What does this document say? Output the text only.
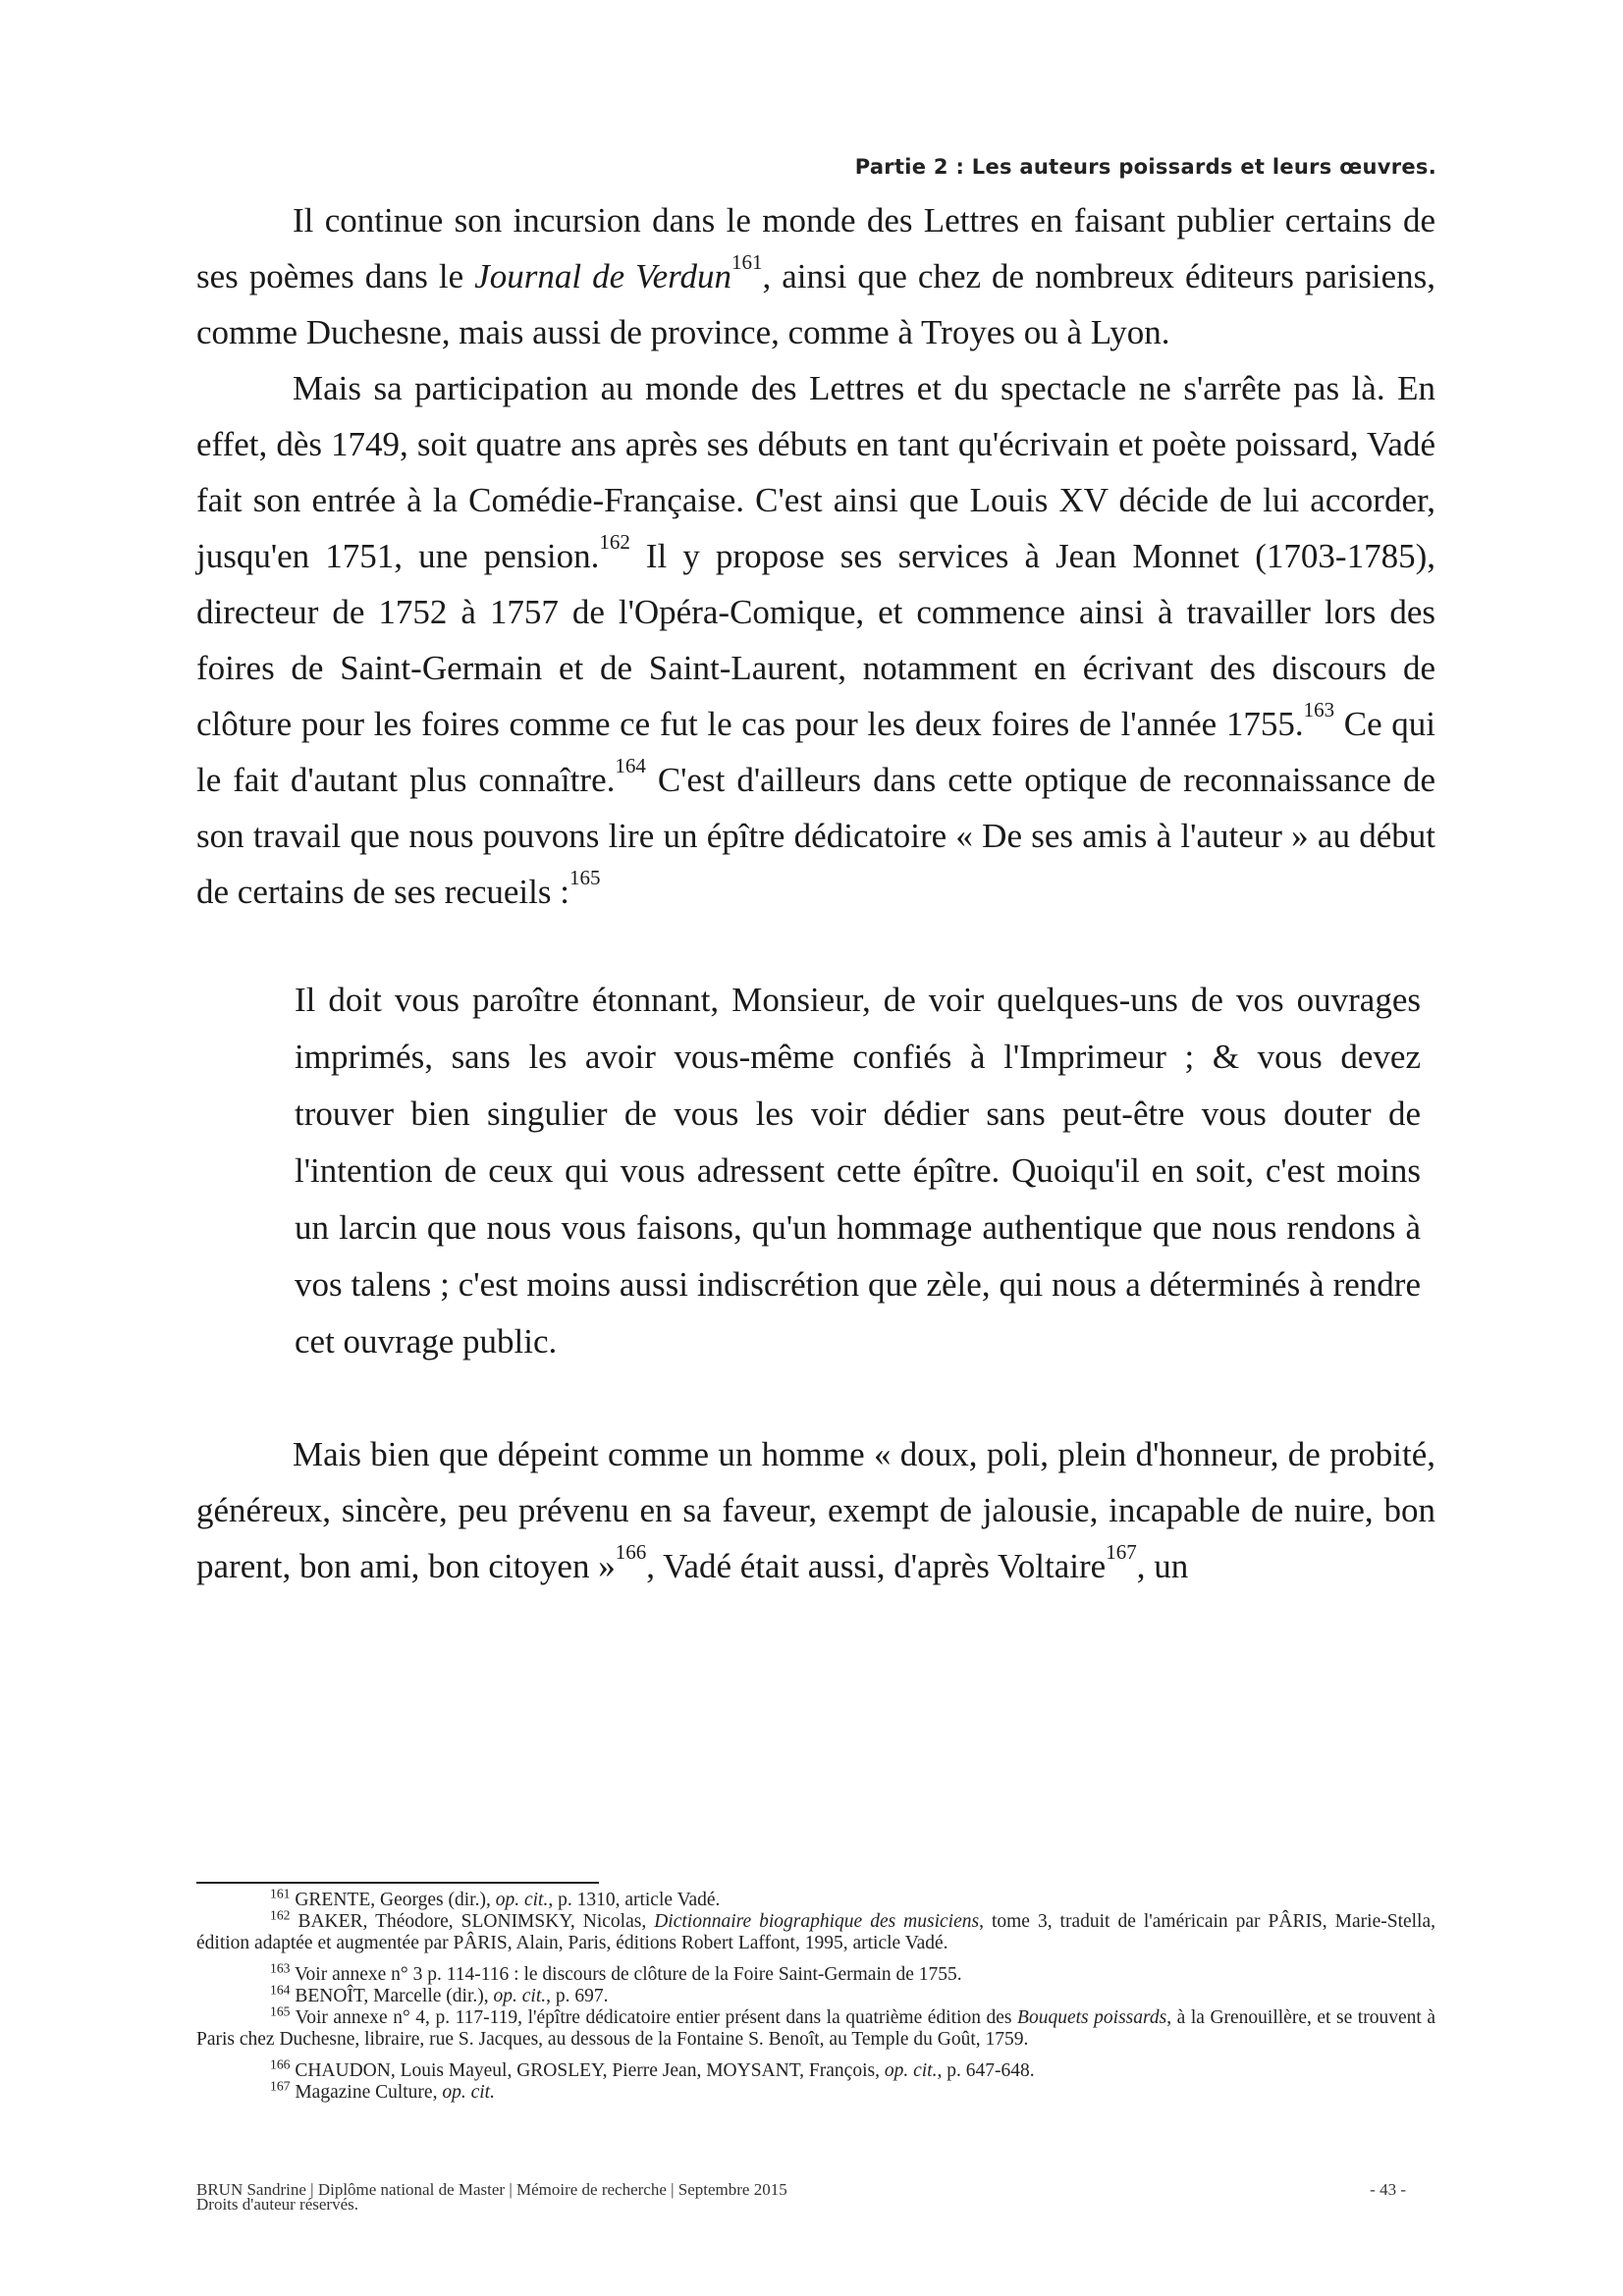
Partie 2 : Les auteurs poissards et leurs œuvres.

Il continue son incursion dans le monde des Lettres en faisant publier certains de ses poèmes dans le Journal de Verdun$^{161}$, ainsi que chez de nombreux éditeurs parisiens, comme Duchesne, mais aussi de province, comme à Troyes ou à Lyon.

Mais sa participation au monde des Lettres et du spectacle ne s'arrête pas là. En effet, dès 1749, soit quatre ans après ses débuts en tant qu'écrivain et poète poissard, Vadé fait son entrée à la Comédie-Française. C'est ainsi que Louis XV décide de lui accorder, jusqu'en 1751, une pension.$^{162}$ Il y propose ses services à Jean Monnet (1703-1785), directeur de 1752 à 1757 de l'Opéra-Comique, et commence ainsi à travailler lors des foires de Saint-Germain et de Saint-Laurent, notamment en écrivant des discours de clôture pour les foires comme ce fut le cas pour les deux foires de l'année 1755.$^{163}$ Ce qui le fait d'autant plus connaître.$^{164}$ C'est d'ailleurs dans cette optique de reconnaissance de son travail que nous pouvons lire un épître dédicatoire « De ses amis à l'auteur » au début de certains de ses recueils :$^{165}$

Il doit vous paroître étonnant, Monsieur, de voir quelques-uns de vos ouvrages imprimés, sans les avoir vous-même confiés à l'Imprimeur ; & vous devez trouver bien singulier de vous les voir dédier sans peut-être vous douter de l'intention de ceux qui vous adressent cette épître. Quoiqu'il en soit, c'est moins un larcin que nous vous faisons, qu'un hommage authentique que nous rendons à vos talens ; c'est moins aussi indiscrétion que zèle, qui nous a déterminés à rendre cet ouvrage public.

Mais bien que dépeint comme un homme « doux, poli, plein d'honneur, de probité, généreux, sincère, peu prévenu en sa faveur, exempt de jalousie, incapable de nuire, bon parent, bon ami, bon citoyen »$^{166}$, Vadé était aussi, d'après Voltaire$^{167}$, un

$^{161}$ GRENTE, Georges (dir.), op. cit., p. 1310, article Vadé.

$^{162}$ BAKER, Théodore, SLONIMSKY, Nicolas, Dictionnaire biographique des musiciens, tome 3, traduit de l'américain par PÂRIS, Marie-Stella, édition adaptée et augmentée par PÂRIS, Alain, Paris, éditions Robert Laffont, 1995, article Vadé.

$^{163}$ Voir annexe n° 3 p. 114-116 : le discours de clôture de la Foire Saint-Germain de 1755.

$^{164}$ BENOÎT, Marcelle (dir.), op. cit., p. 697.

$^{165}$ Voir annexe n° 4, p. 117-119, l'épître dédicatoire entier présent dans la quatrième édition des Bouquets poissards, à la Grenouillère, et se trouvent à Paris chez Duchesne, libraire, rue S. Jacques, au dessous de la Fontaine S. Benoît, au Temple du Goût, 1759.

$^{166}$ CHAUDON, Louis Mayeul, GROSLEY, Pierre Jean, MOYSANT, François, op. cit., p. 647-648.

$^{167}$ Magazine Culture, op. cit.

BRUN Sandrine | Diplôme national de Master | Mémoire de recherche | Septembre 2015	- 43 -
Droits d'auteur réservés.
